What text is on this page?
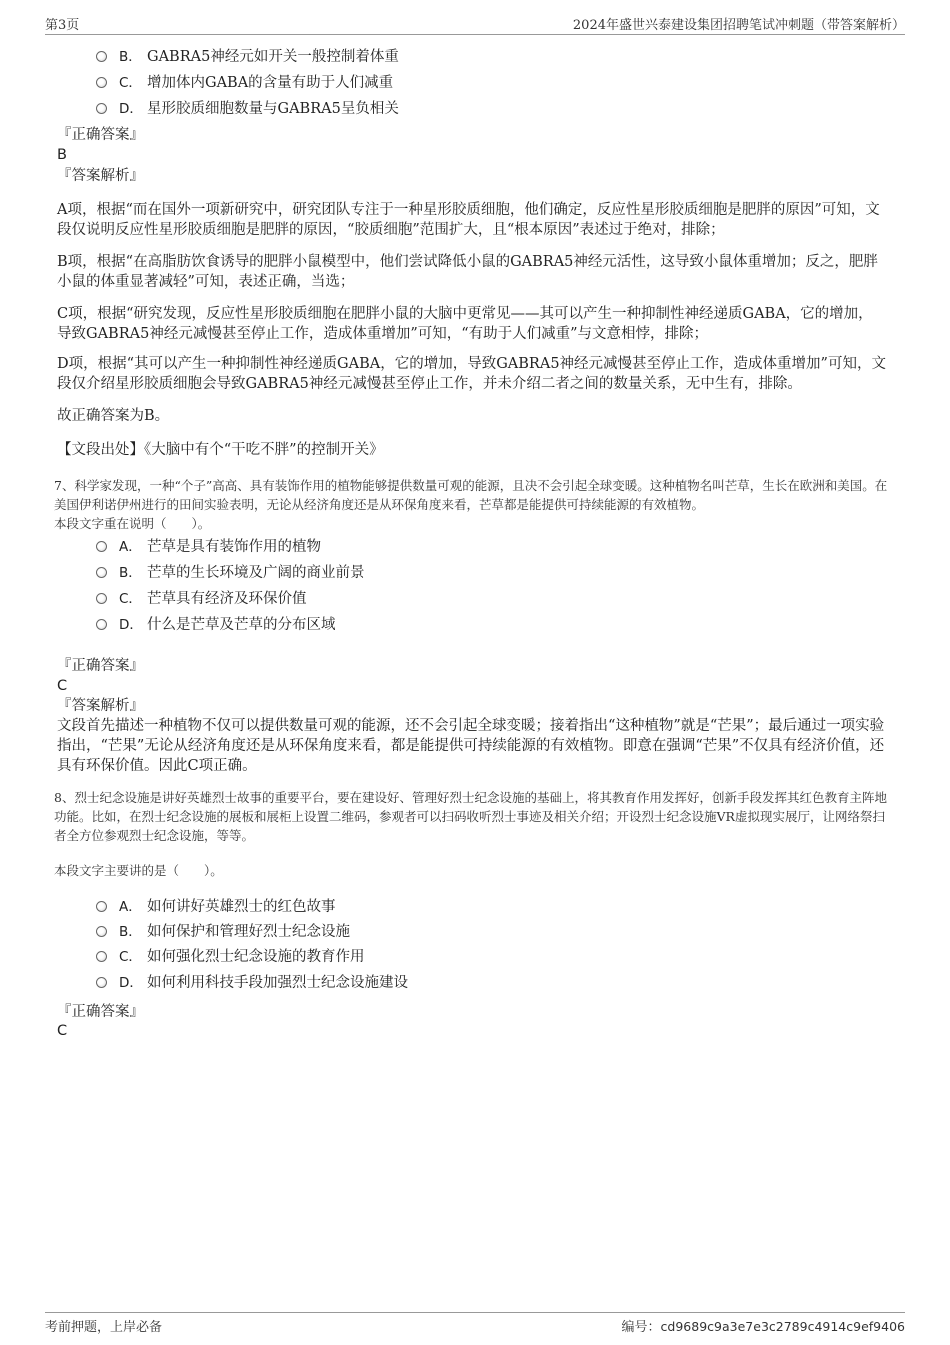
第3页	2024年盛世兴泰建设集团招聘笔试冲刺题（带答案解析）
B． GABRA5神经元如开关一般控制着体重
C． 增加体内GABA的含量有助于人们减重
D． 星形胶质细胞数量与GABRA5呈负相关
『正确答案』
B
『答案解析』
A项，根据“而在国外一项新研究中，研究团队专注于一种星形胶质细胞，他们确定，反应性星形胶质细胞是肥胖的原因”可知，文段仅说明反应性星形胶质细胞是肥胖的原因，“胶质细胞”范围扩大，且“根本原因”表述过于绝对，排除；
B项，根据“在高脂肪饮食诱导的肥胖小鼠模型中，他们尝试降低小鼠的GABRA5神经元活性，这导致小鼠体重增加；反之，肥胖小鼠的体重显著减轻”可知，表述正确，当选；
C项，根据“研究发现，反应性星形胶质细胞在肥胖小鼠的大脑中更常见——其可以产生一种抑制性神经递质GABA，它的增加，导致GABRA5神经元减慢甚至停止工作，造成体重增加”可知，“有助于人们减重”与文意相悖，排除；
D项，根据“其可以产生一种抑制性神经递质GABA，它的增加，导致GABRA5神经元减慢甚至停止工作，造成体重增加”可知，文段仅介绍星形胶质细胞会导致GABRA5神经元减慢甚至停止工作，并未介绍二者之间的数量关系，无中生有，排除。
故正确答案为B。
【文段出处】《大脑中有个“干吃不胖”的控制开关》
7、科学家发现，一种“个子”高高、具有装饰作用的植物能够提供数量可观的能源，且决不会引起全球变暖。这种植物名叫芒草，生长在欧洲和美国。在美国伊利诺伊州进行的田间实验表明，无论从经济角度还是从环保角度来看，芒草都是能提供可持续能源的有效植物。
本段文字重在说明（　　）。
A． 芒草是具有装饰作用的植物
B． 芒草的生长环境及广阔的商业前景
C． 芒草具有经济及环保价值
D． 什么是芒草及芒草的分布区域
『正确答案』
C
『答案解析』
文段首先描述一种植物不仅可以提供数量可观的能源，还不会引起全球变暖；接着指出“这种植物”就是“芒果”；最后通过一项实验指出，“芒果”无论从经济角度还是从环保角度来看，都是能提供可持续能源的有效植物。即意在强调“芒果”不仅具有经济价值，还具有环保价值。因此C项正确。
8、烈士纪念设施是讲好英雄烈士故事的重要平台，要在建设好、管理好烈士纪念设施的基础上，将其教育作用发挥好，创新手段发挥其红色教育主阵地功能。比如，在烈士纪念设施的展板和展柜上设置二维码，参观者可以扫码收听烈士事迹及相关介绍；开设烈士纪念设施VR虚拟现实展厅，让网络祭扫者全方位参观烈士纪念设施，等等。
本段文字主要讲的是（　　）。
A． 如何讲好英雄烈士的红色故事
B． 如何保护和管理好烈士纪念设施
C． 如何强化烈士纪念设施的教育作用
D． 如何利用科技手段加强烈士纪念设施建设
『正确答案』
C
考前押题，上岸必备	编号：cd9689c9a3e7e3c2789c4914c9ef9406
